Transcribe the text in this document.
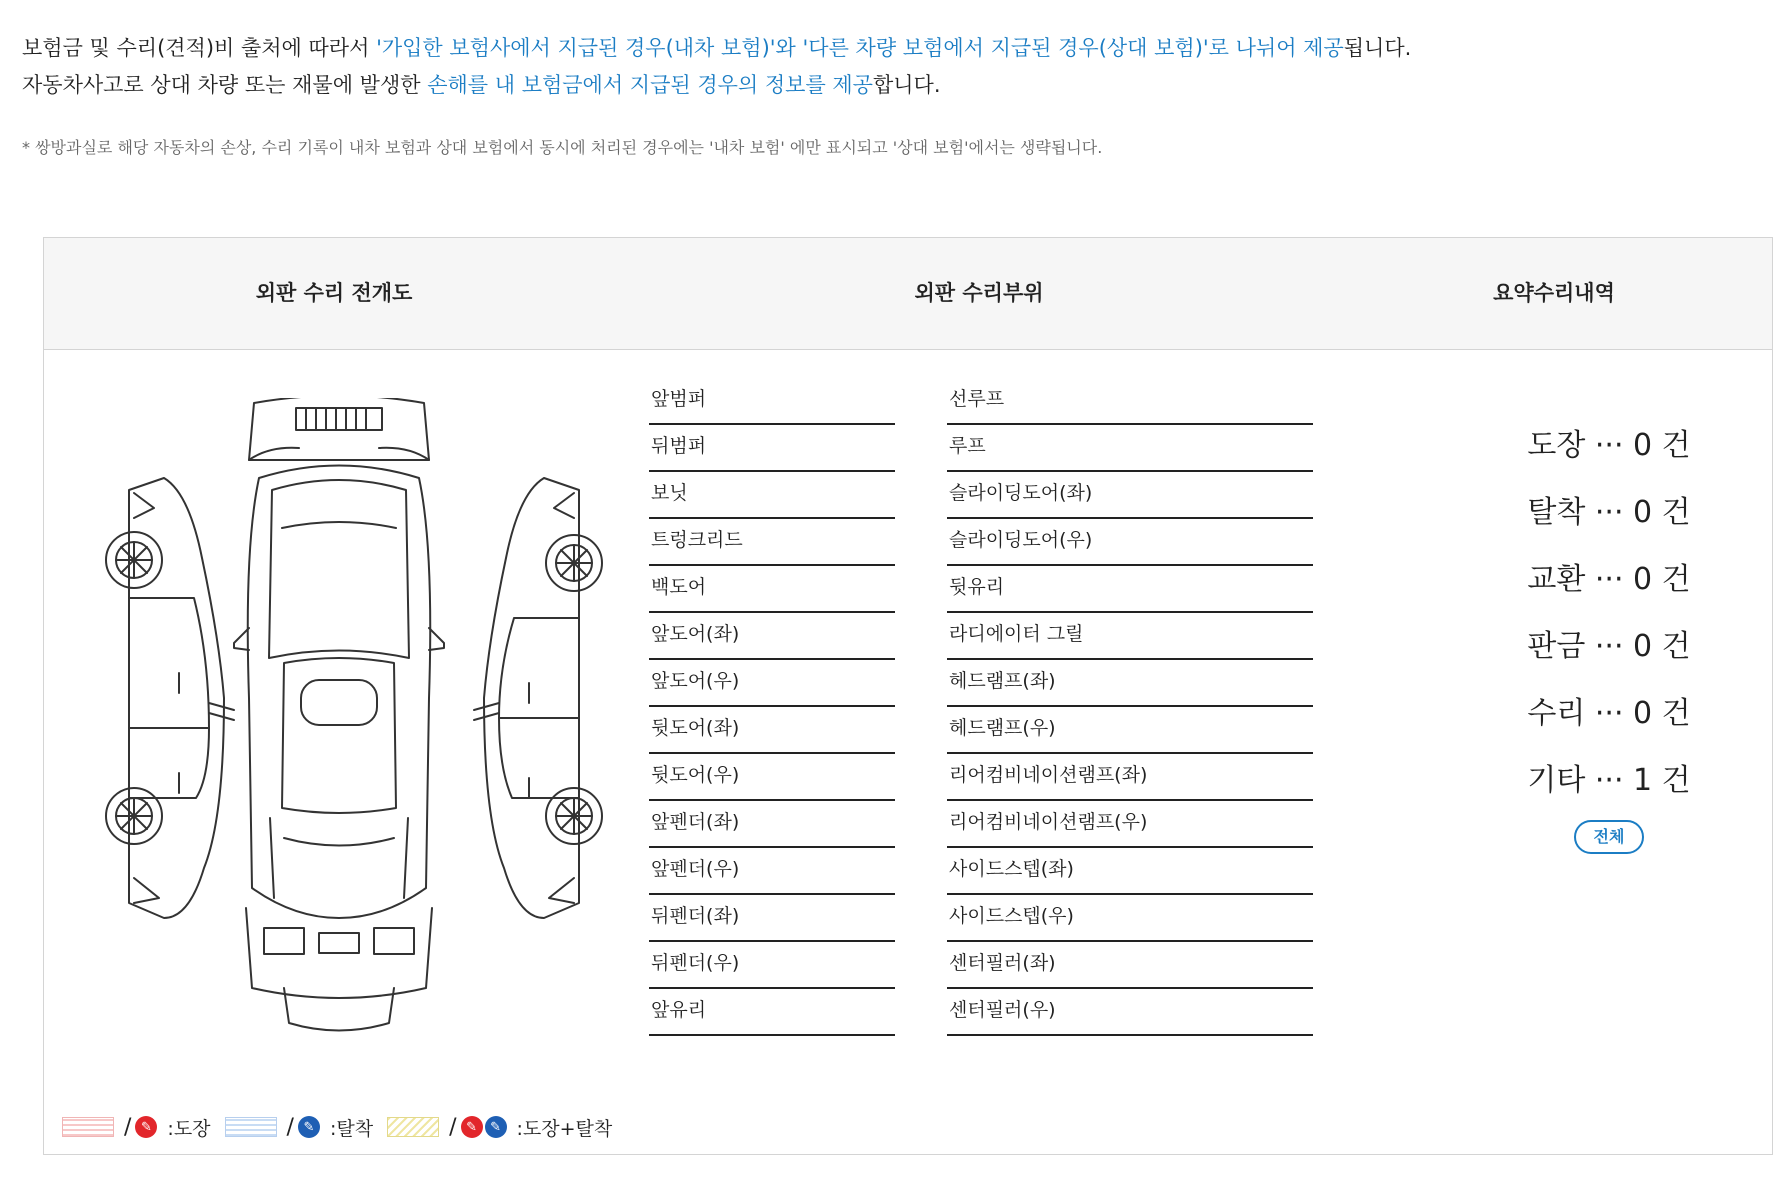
보험금 및 수리(견적)비 출처에 따라서 '가입한 보험사에서 지급된 경우(내차 보험)'와 '다른 차량 보험에서 지급된 경우(상대 보험)'로 나뉘어 제공됩니다.
자동차사고로 상대 차량 또는 재물에 발생한 손해를 내 보험금에서 지급된 경우의 정보를 제공합니다.
* 쌍방과실로 해당 자동차의 손상, 수리 기록이 내차 보험과 상대 보험에서 동시에 처리된 경우에는 '내차 보험' 에만 표시되고 '상대 보험'에서는 생략됩니다.
외판 수리 전개도	외판 수리부위	요약수리내역
앞범퍼
뒤범퍼
보닛
트렁크리드
백도어
앞도어(좌)
앞도어(우)
뒷도어(좌)
뒷도어(우)
앞펜더(좌)
앞펜더(우)
뒤펜더(좌)
뒤펜더(우)
앞유리
선루프
루프
슬라이딩도어(좌)
슬라이딩도어(우)
뒷유리
라디에이터 그릴
헤드램프(좌)
헤드램프(우)
리어컴비네이션램프(좌)
리어컴비네이션램프(우)
사이드스텝(좌)
사이드스텝(우)
센터필러(좌)
센터필러(우)
도장 ··· 0 건
탈착 ··· 0 건
교환 ··· 0 건
판금 ··· 0 건
수리 ··· 0 건
기타 ··· 1 건
전체
/ ✎ :도장	/ ✎ :탈착	/ ✎	✎ :도장+탈착
